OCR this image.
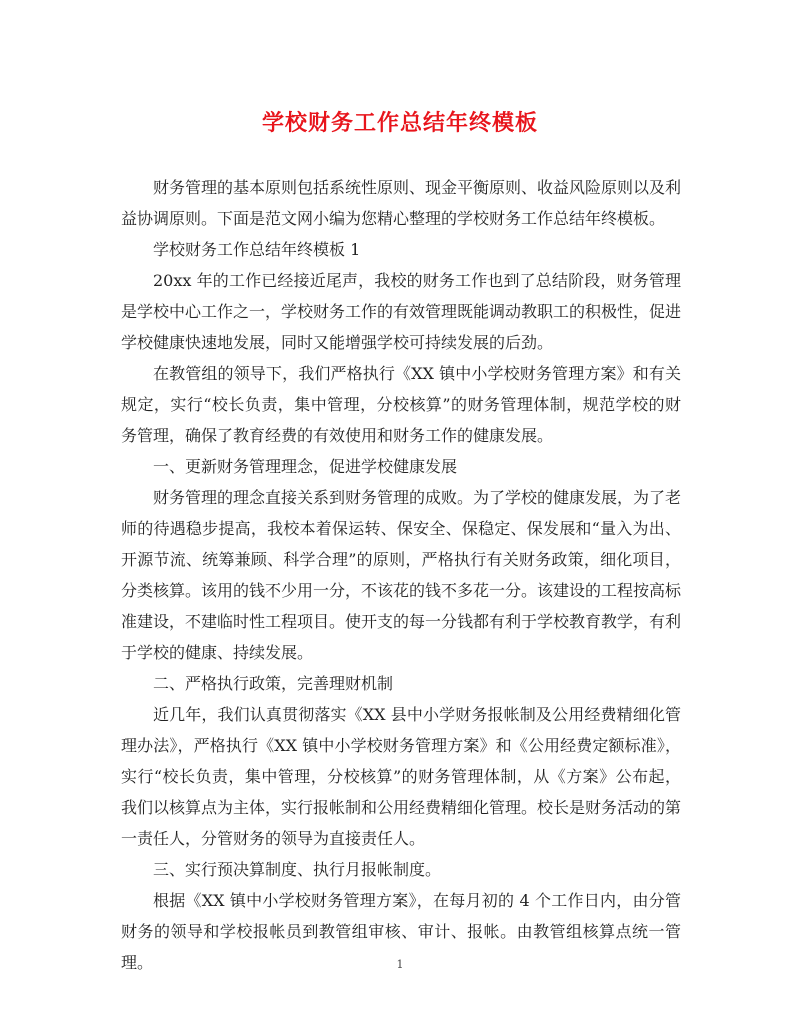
学校财务工作总结年终模板

财务管理的基本原则包括系统性原则、现金平衡原则、收益风险原则以及利益协调原则。下面是范文网小编为您精心整理的学校财务工作总结年终模板。

学校财务工作总结年终模板 1

20xx 年的工作已经接近尾声，我校的财务工作也到了总结阶段，财务管理是学校中心工作之一，学校财务工作的有效管理既能调动教职工的积极性，促进学校健康快速地发展，同时又能增强学校可持续发展的后劲。

在教管组的领导下，我们严格执行《XX 镇中小学校财务管理方案》和有关规定，实行“校长负责，集中管理，分校核算”的财务管理体制，规范学校的财务管理，确保了教育经费的有效使用和财务工作的健康发展。

一、更新财务管理理念，促进学校健康发展

财务管理的理念直接关系到财务管理的成败。为了学校的健康发展，为了老师的待遇稳步提高，我校本着保运转、保安全、保稳定、保发展和“量入为出、开源节流、统筹兼顾、科学合理”的原则，严格执行有关财务政策，细化项目，分类核算。该用的钱不少用一分，不该花的钱不多花一分。该建设的工程按高标准建设，不建临时性工程项目。使开支的每一分钱都有利于学校教育教学，有利于学校的健康、持续发展。

二、严格执行政策，完善理财机制

近几年，我们认真贯彻落实《XX 县中小学财务报帐制及公用经费精细化管理办法》，严格执行《XX 镇中小学校财务管理方案》和《公用经费定额标准》，实行“校长负责，集中管理，分校核算”的财务管理体制，从《方案》公布起，我们以核算点为主体，实行报帐制和公用经费精细化管理。校长是财务活动的第一责任人，分管财务的领导为直接责任人。

三、实行预决算制度、执行月报帐制度。

根据《XX 镇中小学校财务管理方案》，在每月初的 4 个工作日内，由分管财务的领导和学校报帐员到教管组审核、审计、报帐。由教管组核算点统一管理。	1
